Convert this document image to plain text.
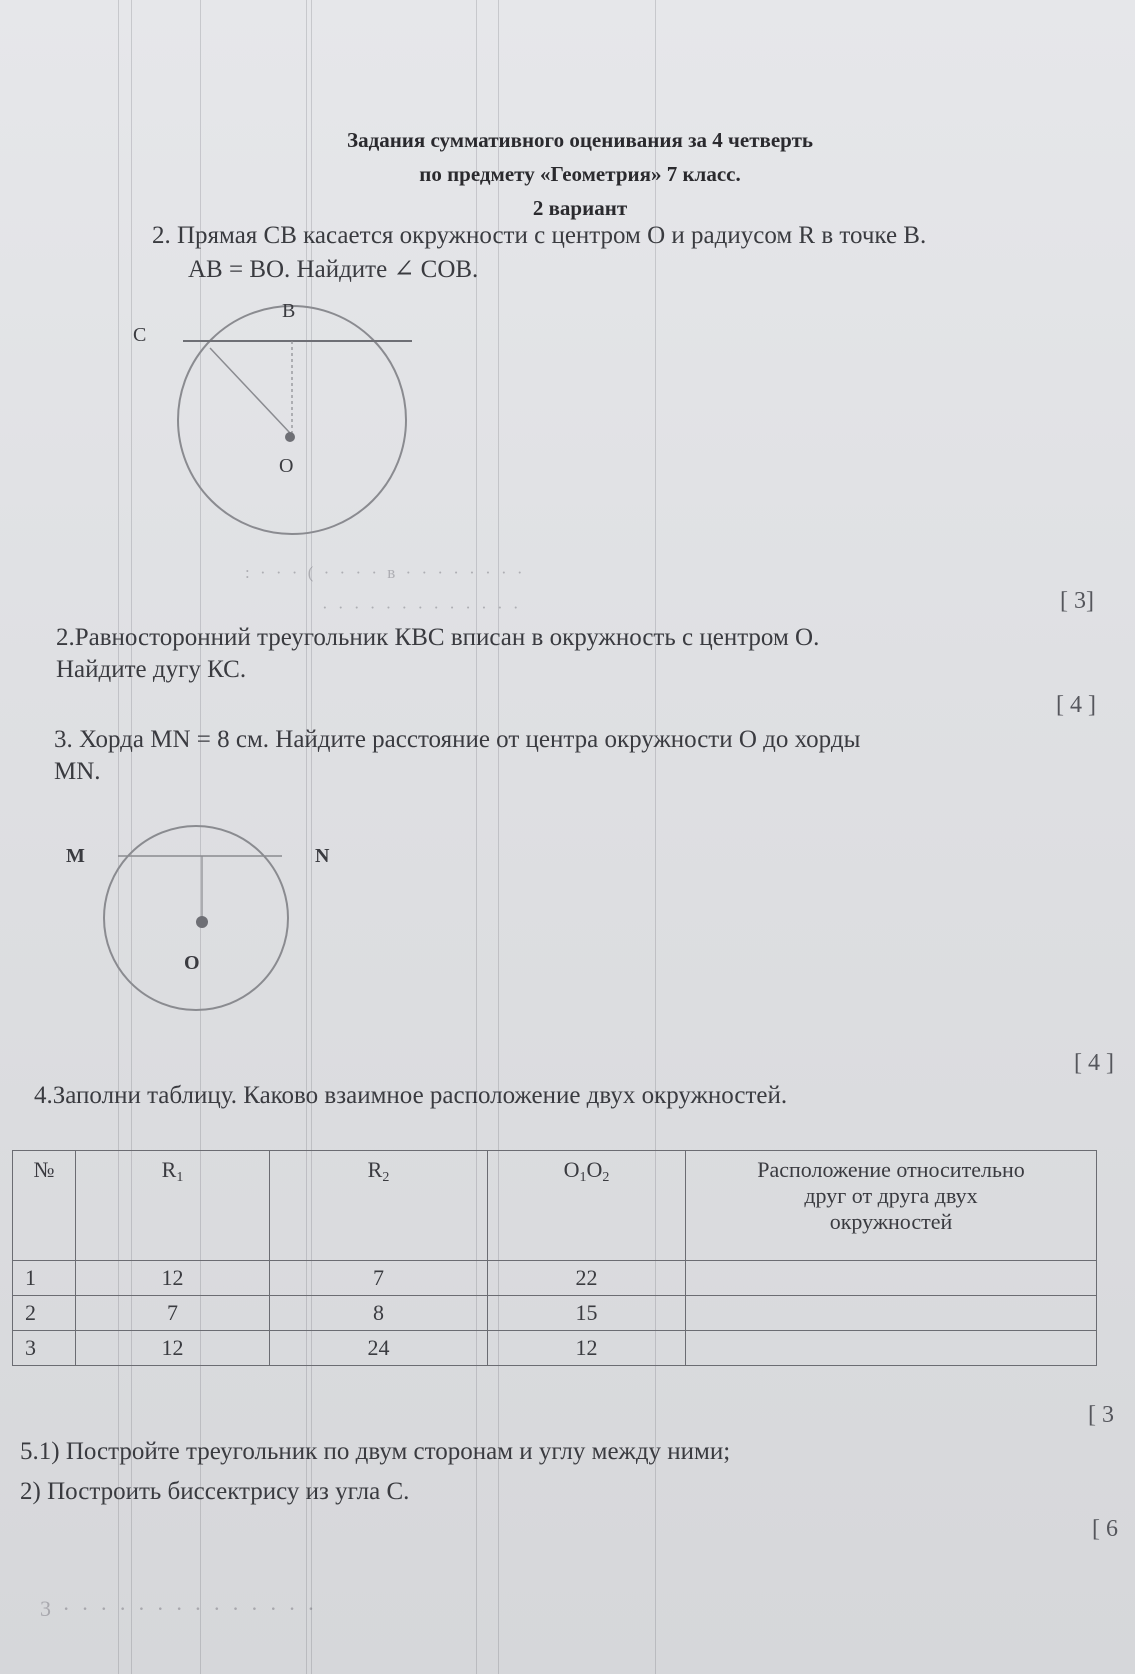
Задания суммативного оценивания за 4 четверть
по предмету «Геометрия» 7 класс.
2 вариант
2. Прямая СВ касается окружности с центром О и радиусом R в точке В.
АВ = ВО. Найдите ∠ СОВ.
B
C
O
: · · · ( · · · · в · · · · · · · ·
· · · · · · · · · · · · ·	[ 3]
2.Равносторонний треугольник КВС вписан в окружность с центром О.
Найдите дугу КС.
[ 4 ]
3. Хорда MN = 8 см. Найдите расстояние от центра окружности О до хорды
MN.
M	N
O
[ 4 ]
4.Заполни таблицу. Каково взаимное расположение двух окружностей.
№	$R_1$	$R_2$	$O_1O_2$	Расположение относительно
друг от друга двух
окружностей

1	12	7	22	
2	7	8	15	
3	12	24	12	
[ 3
5.1) Постройте треугольник по двум сторонам и углу между ними;
2) Построить биссектрису из угла С.
[ 6
3 · · · · · · · · · · · · · ·
